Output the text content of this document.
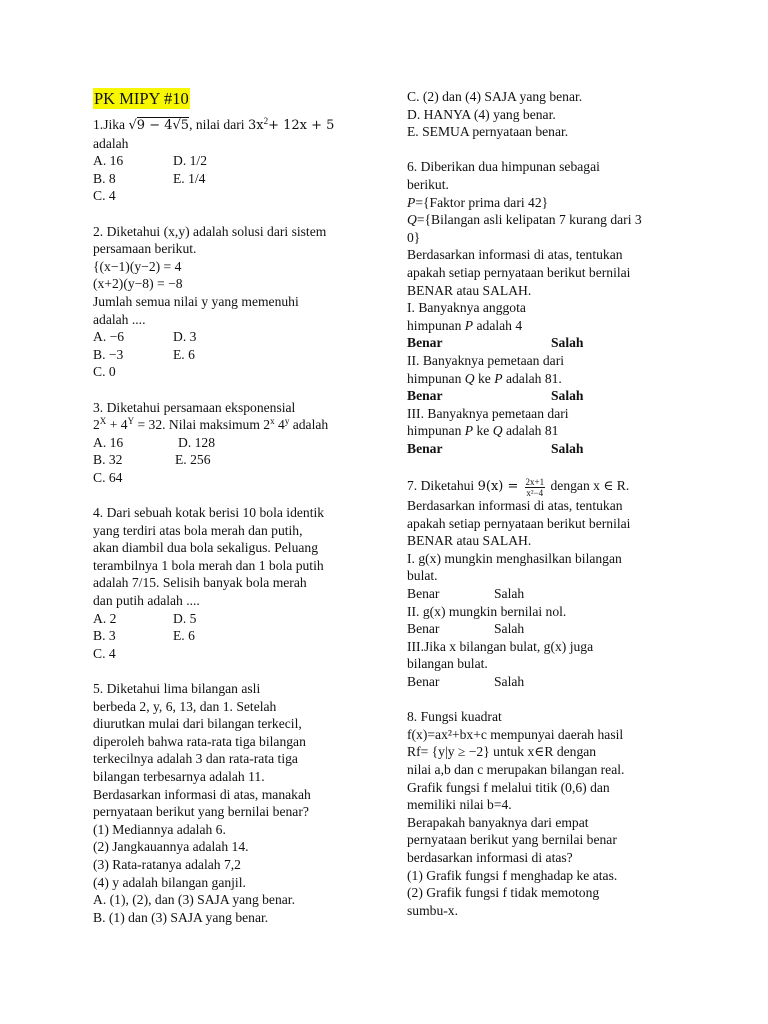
PK MIPY #10
1.Jika √9 − 4√5, nilai dari $3x^2+ 12x + 5$
adalah
A. 16	D. 1/2
B. 8	E. 1/4
C. 4
2. Diketahui (x,y) adalah solusi dari sistem
persamaan berikut.
{(x−1)(y−2) = 4
(x+2)(y−8) = −8
Jumlah semua nilai y yang memenuhi
adalah ....
A. −6	D. 3
B. −3	E. 6
C. 0
3. Diketahui persamaan eksponensial
$2^X + 4^Y = 32$. Nilai maksimum 2$^x$ 4$^y$ adalah
A. 16	D. 128
B. 32	E. 256
C. 64
4. Dari sebuah kotak berisi 10 bola identik
yang terdiri atas bola merah dan putih,
akan diambil dua bola sekaligus. Peluang
terambilnya 1 bola merah dan 1 bola putih
adalah 7/15. Selisih banyak bola merah
dan putih adalah ....
A. 2	D. 5
B. 3	E. 6
C. 4
5. Diketahui lima bilangan asli
berbeda 2, y, 6, 13, dan 1. Setelah
diurutkan mulai dari bilangan terkecil,
diperoleh bahwa rata-rata tiga bilangan
terkecilnya adalah 3 dan rata-rata tiga
bilangan terbesarnya adalah 11.
Berdasarkan informasi di atas, manakah
pernyataan berikut yang bernilai benar?
(1) Mediannya adalah 6.
(2) Jangkauannya adalah 14.
(3) Rata-ratanya adalah 7,2
(4) y adalah bilangan ganjil.
A. (1), (2), dan (3) SAJA yang benar.
B. (1) dan (3) SAJA yang benar.
C. (2) dan (4) SAJA yang benar.
D. HANYA (4) yang benar.
E. SEMUA pernyataan benar.
6. Diberikan dua himpunan sebagai
berikut.
P={Faktor prima dari 42}
Q={Bilangan asli kelipatan 7 kurang dari 3
0}
Berdasarkan informasi di atas, tentukan
apakah setiap pernyataan berikut bernilai
BENAR atau SALAH.
I. Banyaknya anggota
himpunan P adalah 4
Benar	Salah
II. Banyaknya pemetaan dari
himpunan Q ke P adalah 81.
Benar	Salah
III. Banyaknya pemetaan dari
himpunan P ke Q adalah 81
Benar	Salah
7. Diketahui $9(x) = \frac{2x+1}{\text{x²−4}}$ dengan x ∈ R.
Berdasarkan informasi di atas, tentukan
apakah setiap pernyataan berikut bernilai
BENAR atau SALAH.
I. g(x) mungkin menghasilkan bilangan
bulat.
Benar	Salah
II. g(x) mungkin bernilai nol.
Benar	Salah
III.Jika x bilangan bulat, g(x) juga
bilangan bulat.
Benar	Salah
8. Fungsi kuadrat
f(x)=ax²+bx+c mempunyai daerah hasil
Rf= {y|y ≥ −2} untuk x∈R dengan
nilai a,b dan c merupakan bilangan real.
Grafik fungsi f melalui titik (0,6) dan
memiliki nilai b=4.
Berapakah banyaknya dari empat
pernyataan berikut yang bernilai benar
berdasarkan informasi di atas?
(1) Grafik fungsi f menghadap ke atas.
(2) Grafik fungsi f tidak memotong
sumbu-x.
